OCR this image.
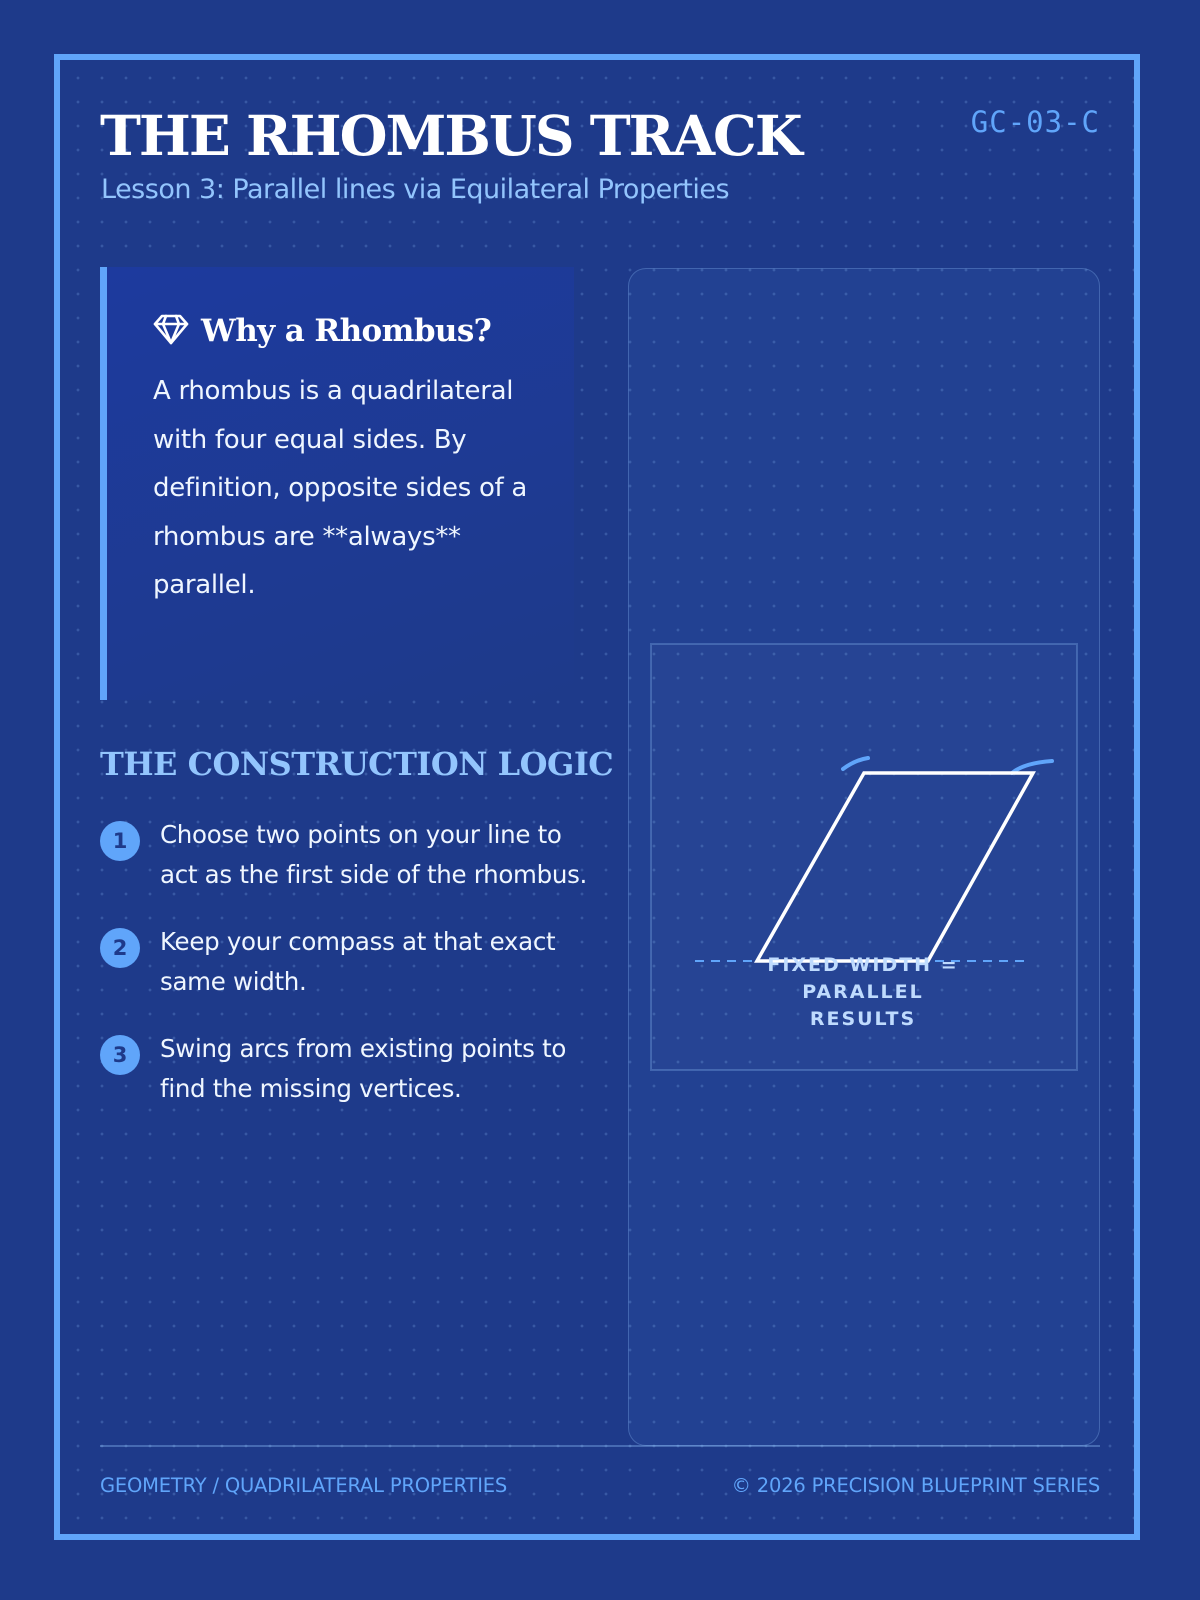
THE RHOMBUS TRACK

Lesson 3: Parallel lines via Equilateral Properties

GC-03-C
Why a Rhombus?

A rhombus is a quadrilateral with four equal sides. By definition, opposite sides of a rhombus are **always** parallel.

THE CONSTRUCTION LOGIC
1	Choose two points on your line to act as the first side of the rhombus.
2	Keep your compass at that exact same width.
3	Swing arcs from existing points to find the missing vertices.

FIXED WIDTH = PARALLEL RESULTS

GEOMETRY / QUADRILATERAL PROPERTIES	© 2026 PRECISION BLUEPRINT SERIES
